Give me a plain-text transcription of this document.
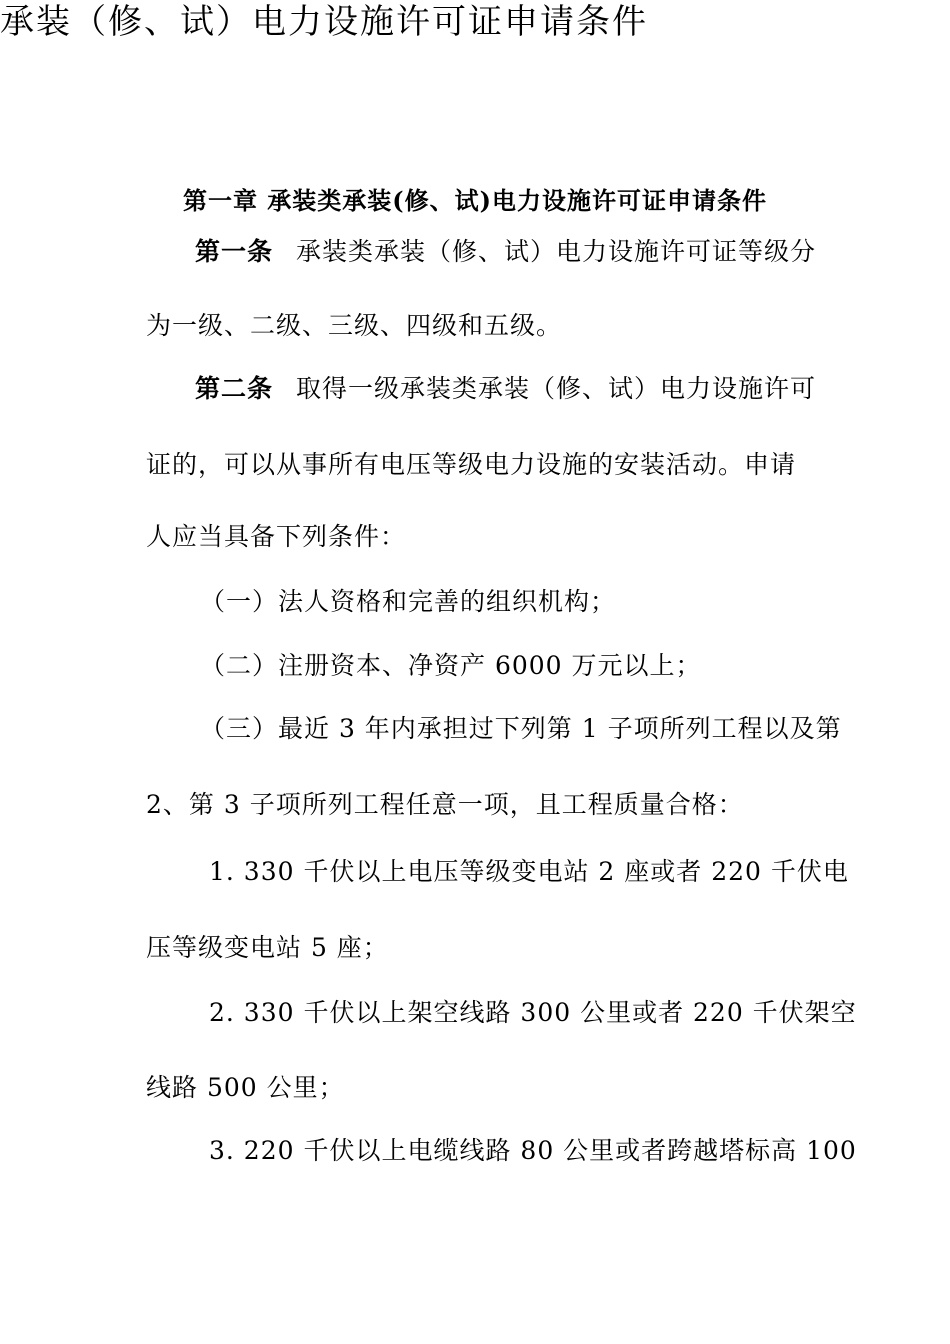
承装（修、试）电力设施许可证申请条件
第一章 承装类承装(修、试)电力设施许可证申请条件
第一条 承装类承装（修、试）电力设施许可证等级分
为一级、二级、三级、四级和五级。
第二条 取得一级承装类承装（修、试）电力设施许可
证的，可以从事所有电压等级电力设施的安装活动。申请
人应当具备下列条件：
（一）法人资格和完善的组织机构；
（二）注册资本、净资产 6000 万元以上；
（三）最近 3 年内承担过下列第 1 子项所列工程以及第
2、第 3 子项所列工程任意一项，且工程质量合格：
1. 330 千伏以上电压等级变电站 2 座或者 220 千伏电
压等级变电站 5 座；
2. 330 千伏以上架空线路 300 公里或者 220 千伏架空
线路 500 公里；
3. 220 千伏以上电缆线路 80 公里或者跨越塔标高 100
